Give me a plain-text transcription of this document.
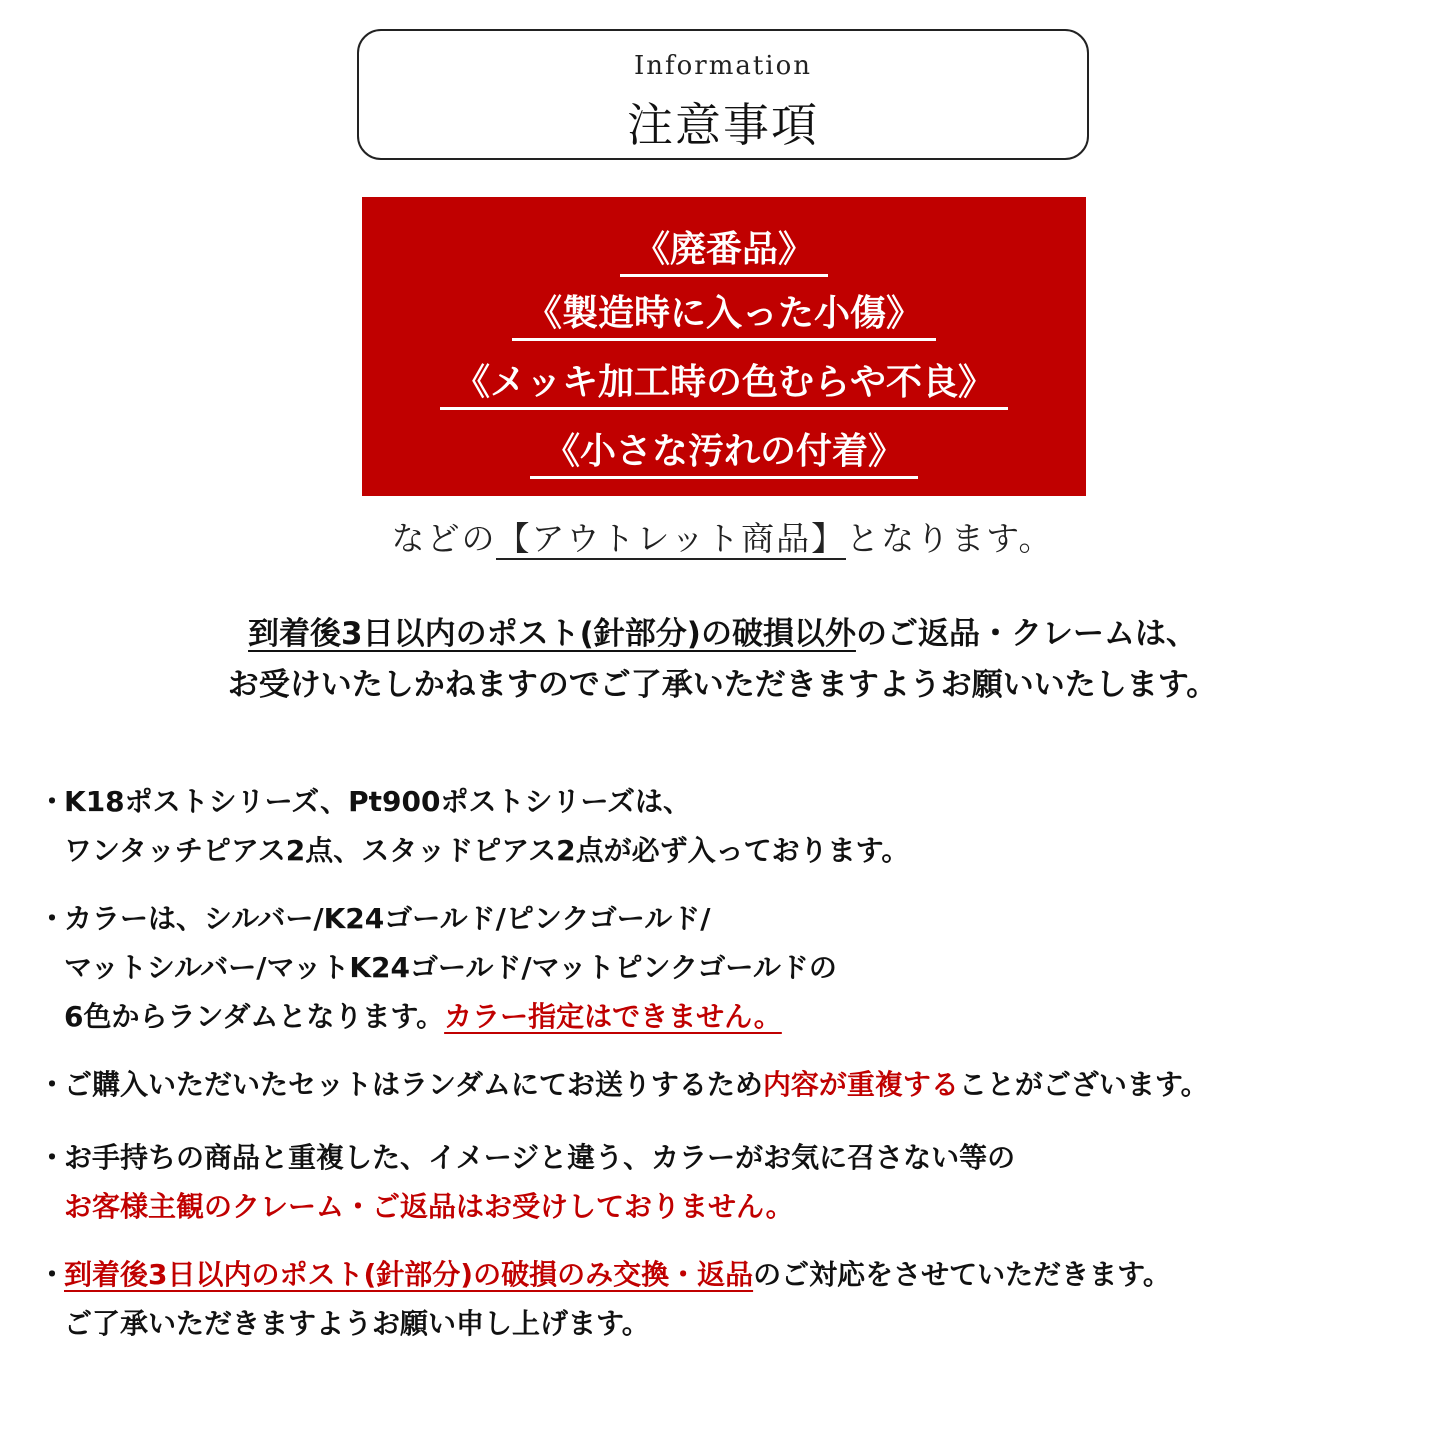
Information
注意事項
《廃番品》
《製造時に入った小傷》
《メッキ加工時の色むらや不良》
《小さな汚れの付着》
などの【アウトレット商品】となります。
到着後3日以内のポスト(針部分)の破損以外のご返品・クレームは、
お受けいたしかねますのでご了承いただきますようお願いいたします。
・
K18ポストシリーズ、Pt900ポストシリーズは、
ワンタッチピアス2点、スタッドピアス2点が必ず入っております。
・
カラーは、シルバー/K24ゴールド/ピンクゴールド/
マットシルバー/マットK24ゴールド/マットピンクゴールドの
6色からランダムとなります。カラー指定はできません。
・
ご購入いただいたセットはランダムにてお送りするため内容が重複することがございます。
・
お手持ちの商品と重複した、イメージと違う、カラーがお気に召さない等の
お客様主観のクレーム・ご返品はお受けしておりません。
・
到着後3日以内のポスト(針部分)の破損のみ交換・返品のご対応をさせていただきます。
ご了承いただきますようお願い申し上げます。
